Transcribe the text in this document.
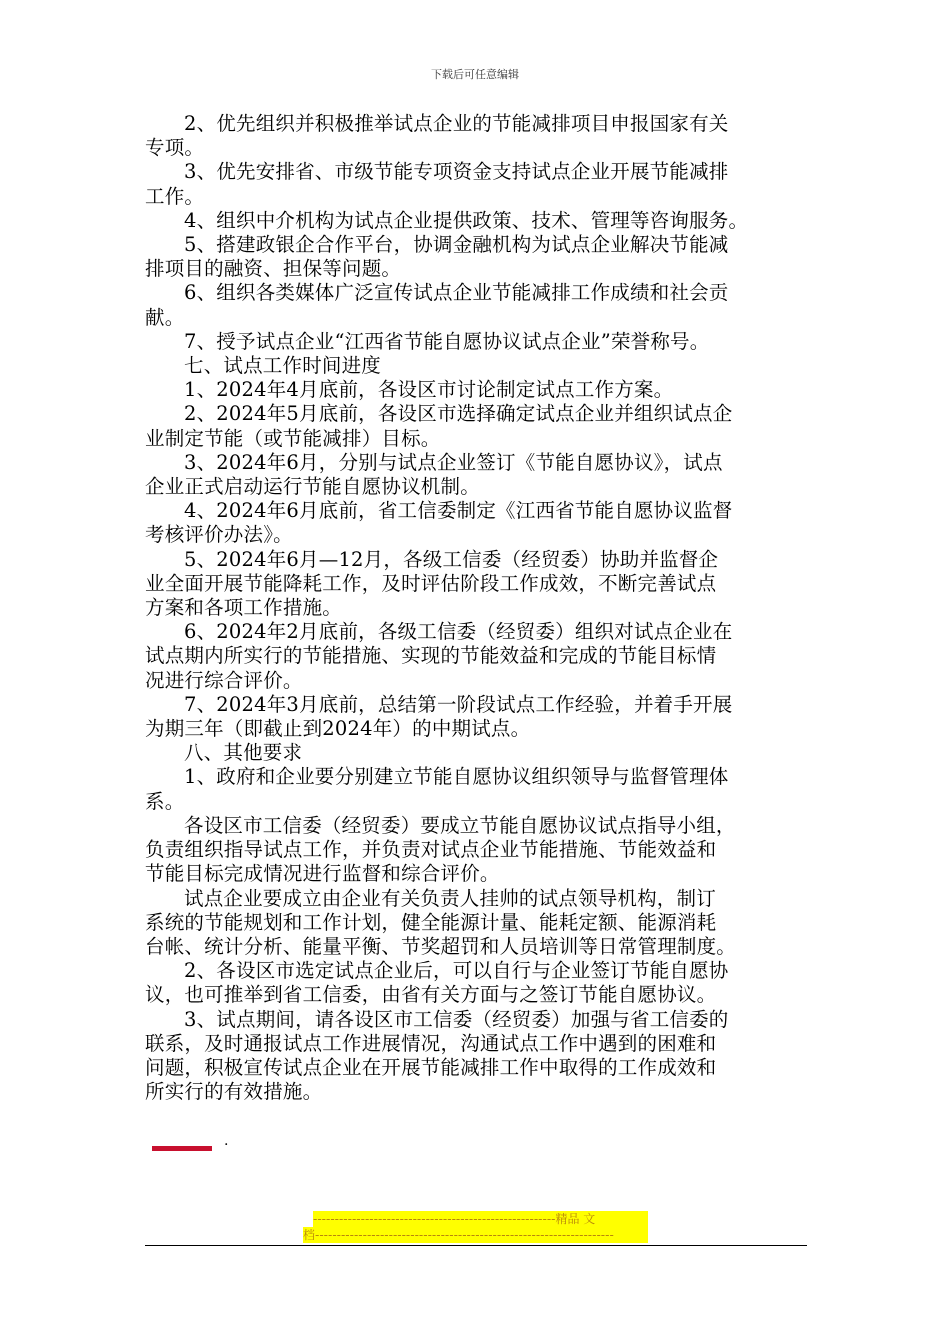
下载后可任意编辑

2、优先组织并积极推举试点企业的节能减排项目申报国家有关
专项。

3、优先安排省、市级节能专项资金支持试点企业开展节能减排
工作。

4、组织中介机构为试点企业提供政策、技术、管理等咨询服务。

5、搭建政银企合作平台，协调金融机构为试点企业解决节能减
排项目的融资、担保等问题。

6、组织各类媒体广泛宣传试点企业节能减排工作成绩和社会贡
献。

7、授予试点企业“江西省节能自愿协议试点企业”荣誉称号。

七、试点工作时间进度

1、2024年4月底前，各设区市讨论制定试点工作方案。

2、2024年5月底前，各设区市选择确定试点企业并组织试点企
业制定节能（或节能减排）目标。

3、2024年6月，分别与试点企业签订《节能自愿协议》，试点
企业正式启动运行节能自愿协议机制。

4、2024年6月底前，省工信委制定《江西省节能自愿协议监督
考核评价办法》。

5、2024年6月—12月，各级工信委（经贸委）协助并监督企
业全面开展节能降耗工作，及时评估阶段工作成效，不断完善试点
方案和各项工作措施。

6、2024年2月底前，各级工信委（经贸委）组织对试点企业在
试点期内所实行的节能措施、实现的节能效益和完成的节能目标情
况进行综合评价。

7、2024年3月底前，总结第一阶段试点工作经验，并着手开展
为期三年（即截止到2024年）的中期试点。

八、其他要求

1、政府和企业要分别建立节能自愿协议组织领导与监督管理体
系。

各设区市工信委（经贸委）要成立节能自愿协议试点指导小组，
负责组织指导试点工作，并负责对试点企业节能措施、节能效益和
节能目标完成情况进行监督和综合评价。

试点企业要成立由企业有关负责人挂帅的试点领导机构，制订
系统的节能规划和工作计划，健全能源计量、能耗定额、能源消耗
台帐、统计分析、能量平衡、节奖超罚和人员培训等日常管理制度。

2、各设区市选定试点企业后，可以自行与企业签订节能自愿协
议，也可推举到省工信委，由省有关方面与之签订节能自愿协议。

3、试点期间，请各设区市工信委（经贸委）加强与省工信委的
联系，及时通报试点工作进展情况，沟通试点工作中遇到的困难和
问题，积极宣传试点企业在开展节能减排工作中取得的工作成效和
所实行的有效措施。

.
--------------------------------------------------------精品 文
档---------------------------------------------------------------------
